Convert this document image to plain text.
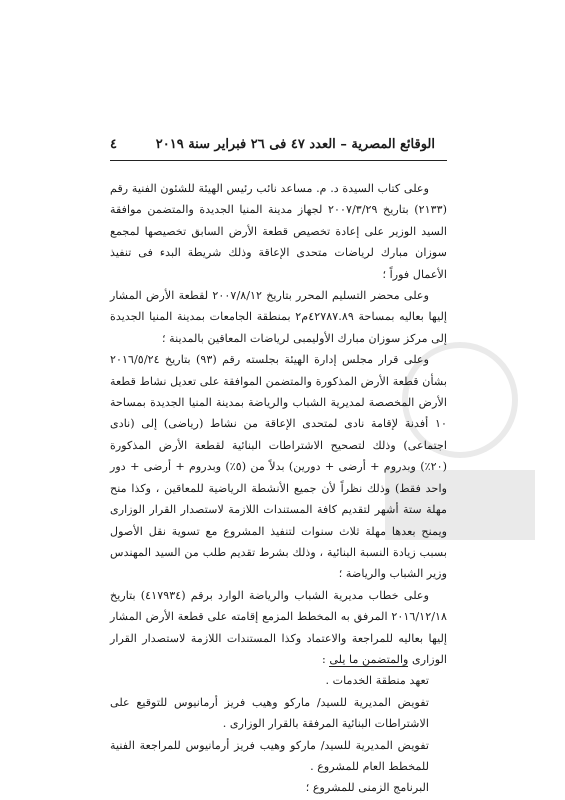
الوقائع المصرية – العدد ٤٧ فى ٢٦ فبراير سنة ٢٠١٩
٤

وعلى كتاب السيدة د. م. مساعد نائب رئيس الهيئة للشئون الفنية رقم (٢١٣٣) بتاريخ ٢٠٠٧/٣/٢٩ لجهاز مدينة المنيا الجديدة والمتضمن موافقة السيد الوزير على إعادة تخصيص قطعة الأرض السابق تخصيصها لمجمع سوزان مبارك لرياضات متحدى الإعاقة وذلك شريطة البدء فى تنفيذ الأعمال فوراً ؛

وعلى محضر التسليم المحرر بتاريخ ٢٠٠٧/٨/١٢ لقطعة الأرض المشار إليها بعاليه بمساحة ٤٢٧٨٧.٨٩م٢ بمنطقة الجامعات بمدينة المنيا الجديدة إلى مركز سوزان مبارك الأوليمبى لرياضات المعاقين بالمدينة ؛

وعلى قرار مجلس إدارة الهيئة بجلسته رقم (٩٣) بتاريخ ٢٠١٦/٥/٢٤ بشأن قطعة الأرض المذكورة والمتضمن الموافقة على تعديل نشاط قطعة الأرض المخصصة لمديرية الشباب والرياضة بمدينة المنيا الجديدة بمساحة ١٠ أفدنة لإقامة نادى لمتحدى الإعاقة من نشاط (رياضى) إلى (نادى اجتماعى) وذلك لتصحيح الاشتراطات البنائية لقطعة الأرض المذكورة (٢٠٪) وبدروم + أرضى + دورين) بدلاً من (٥٪) وبدروم + أرضى + دور واحد فقط) وذلك نظراً لأن جميع الأنشطة الرياضية للمعاقين ، وكذا منح مهلة ستة أشهر لتقديم كافة المستندات اللازمة لاستصدار القرار الوزارى ويمنح بعدها مهلة ثلاث سنوات لتنفيذ المشروع مع تسوية نقل الأصول بسبب زيادة النسبة البنائية ، وذلك بشرط تقديم طلب من السيد المهندس وزير الشباب والرياضة ؛

وعلى خطاب مديرية الشباب والرياضة الوارد برقم (٤١٧٩٣٤) بتاريخ ٢٠١٦/١٢/١٨ المرفق به المخطط المزمع إقامته على قطعة الأرض المشار إليها بعاليه للمراجعة والاعتماد وكذا المستندات اللازمة لاستصدار القرار الوزارى والمتضمن ما يلى :

تعهد منطقة الخدمات .

تفويض المديرية للسيد/ ماركو وهيب فريز أرمانيوس للتوقيع على الاشتراطات البنائية المرفقة بالقرار الوزارى .

تفويض المديرية للسيد/ ماركو وهيب فريز أرمانيوس للمراجعة الفنية للمخطط العام للمشروع .

البرنامج الزمنى للمشروع ؛
